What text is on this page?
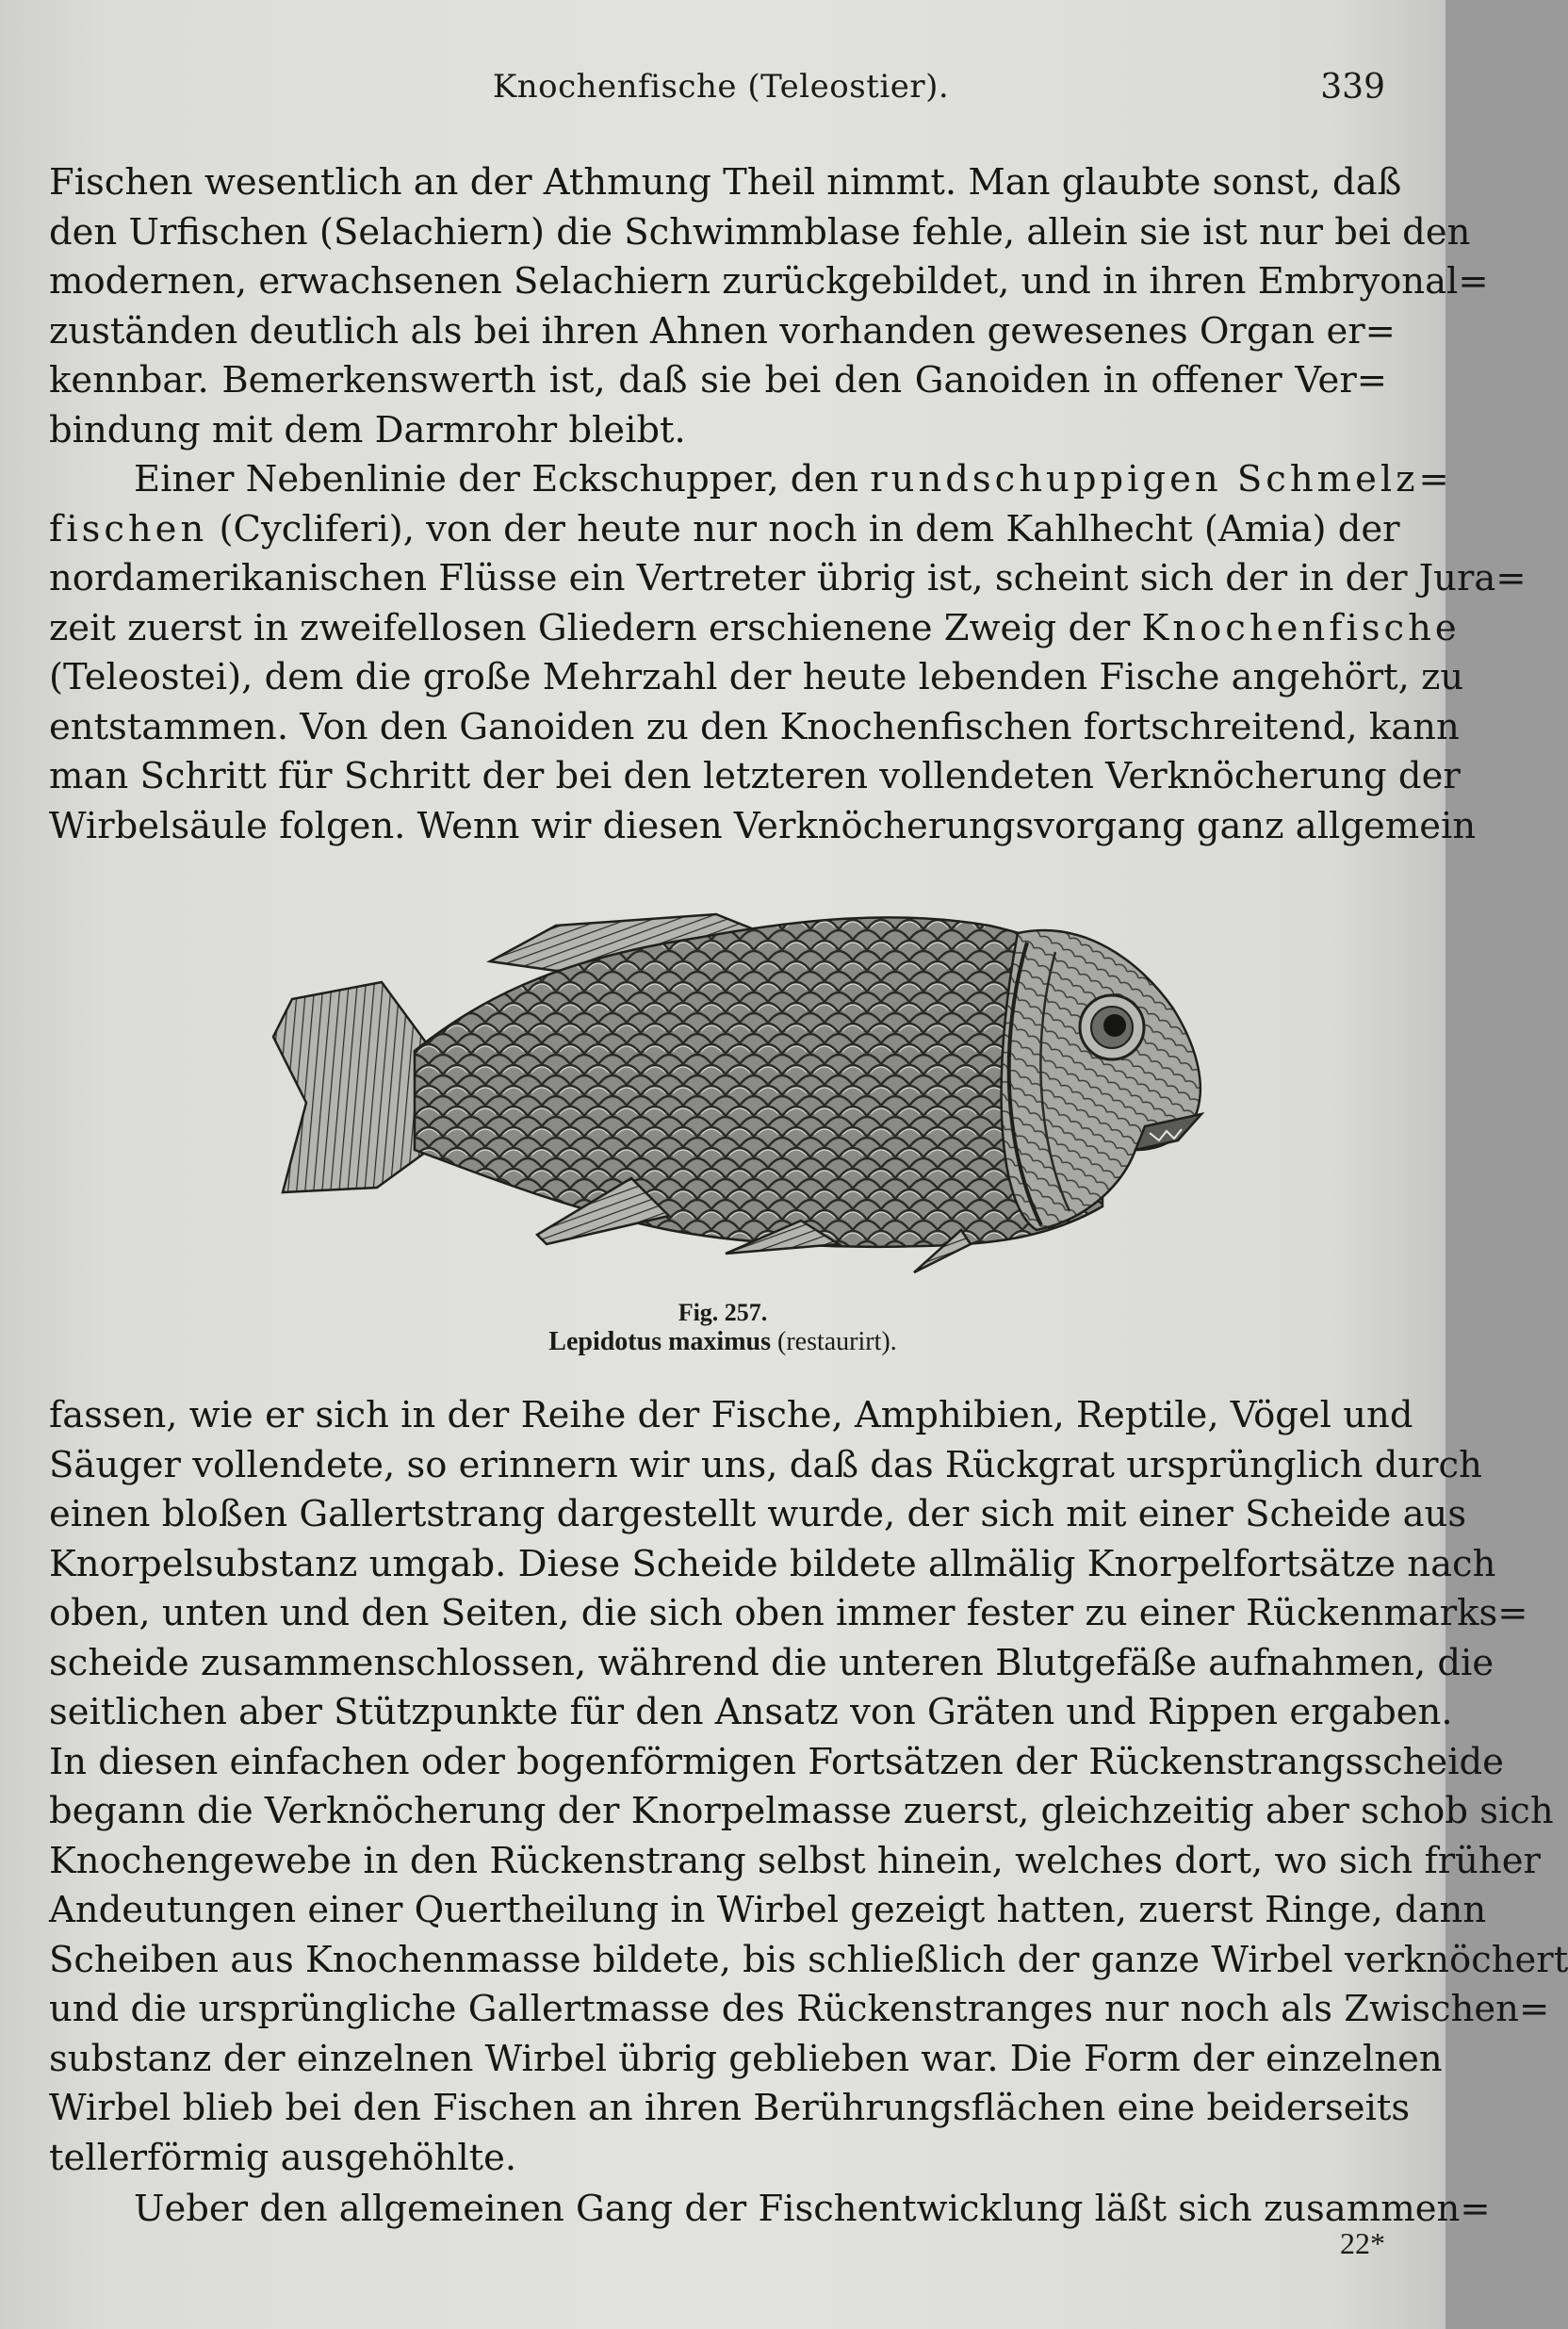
Knochenfische (Teleostier).	339
Fischen wesentlich an der Athmung Theil nimmt. Man glaubte sonst, daß
den Urfischen (Selachiern) die Schwimmblase fehle, allein sie ist nur bei den
modernen, erwachsenen Selachiern zurückgebildet, und in ihren Embryonal=
zuständen deutlich als bei ihren Ahnen vorhanden gewesenes Organ er=
kennbar. Bemerkenswerth ist, daß sie bei den Ganoiden in offener Ver=
bindung mit dem Darmrohr bleibt.
Einer Nebenlinie der Eckschupper, den rundschuppigen Schmelz=
fischen (Cycliferi), von der heute nur noch in dem Kahlhecht (Amia) der
nordamerikanischen Flüsse ein Vertreter übrig ist, scheint sich der in der Jura=
zeit zuerst in zweifellosen Gliedern erschienene Zweig der Knochenfische
(Teleostei), dem die große Mehrzahl der heute lebenden Fische angehört, zu
entstammen. Von den Ganoiden zu den Knochenfischen fortschreitend, kann
man Schritt für Schritt der bei den letzteren vollendeten Verknöcherung der
Wirbelsäule folgen. Wenn wir diesen Verknöcherungsvorgang ganz allgemein
Fig. 257.
Lepidotus maximus (restaurirt).
fassen, wie er sich in der Reihe der Fische, Amphibien, Reptile, Vögel und
Säuger vollendete, so erinnern wir uns, daß das Rückgrat ursprünglich durch
einen bloßen Gallertstrang dargestellt wurde, der sich mit einer Scheide aus
Knorpelsubstanz umgab. Diese Scheide bildete allmälig Knorpelfortsätze nach
oben, unten und den Seiten, die sich oben immer fester zu einer Rückenmarks=
scheide zusammenschlossen, während die unteren Blutgefäße aufnahmen, die
seitlichen aber Stützpunkte für den Ansatz von Gräten und Rippen ergaben.
In diesen einfachen oder bogenförmigen Fortsätzen der Rückenstrangsscheide
begann die Verknöcherung der Knorpelmasse zuerst, gleichzeitig aber schob sich
Knochengewebe in den Rückenstrang selbst hinein, welches dort, wo sich früher
Andeutungen einer Quertheilung in Wirbel gezeigt hatten, zuerst Ringe, dann
Scheiben aus Knochenmasse bildete, bis schließlich der ganze Wirbel verknöchert
und die ursprüngliche Gallertmasse des Rückenstranges nur noch als Zwischen=
substanz der einzelnen Wirbel übrig geblieben war. Die Form der einzelnen
Wirbel blieb bei den Fischen an ihren Berührungsflächen eine beiderseits
tellerförmig ausgehöhlte.
Ueber den allgemeinen Gang der Fischentwicklung läßt sich zusammen=
22*
